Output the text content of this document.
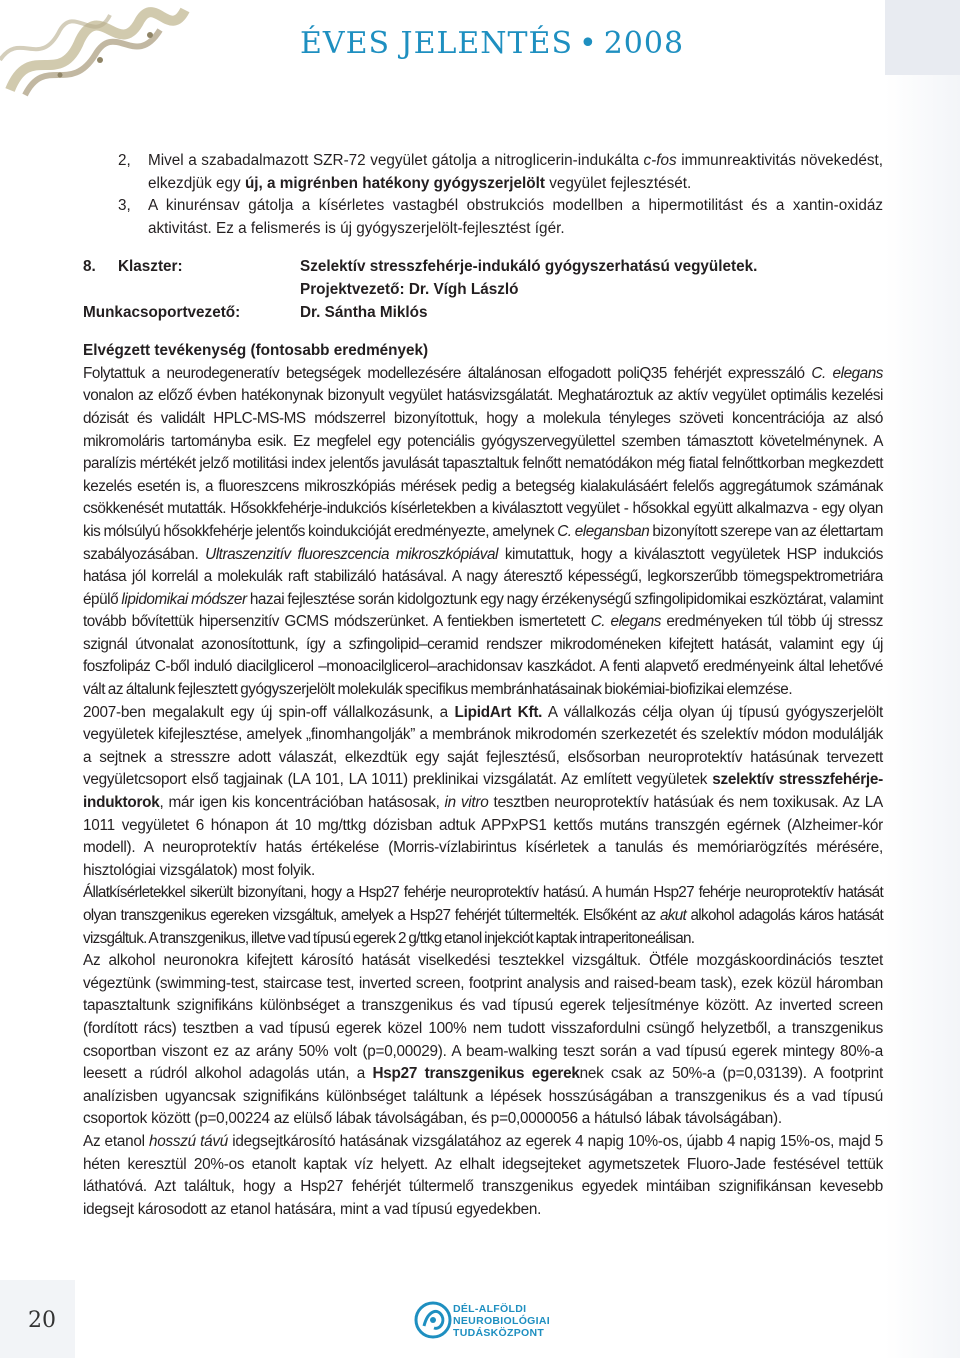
ÉVES JELENTÉS • 2008
2,	Mivel a szabadalmazott SZR-72 vegyület gátolja a nitroglicerin-indukálta c-fos immunreaktivitás növekedést, elkezdjük egy új, a migrénben hatékony gyógyszerjelölt vegyület fejlesztését.
3,	A kinurénsav gátolja a kísérletes vastagbél obstrukciós modellben a hipermotilitást és a xantin-oxidáz aktivitást. Ez a felismerés is új gyógyszerjelölt-fejlesztést ígér.
8. Klaszter:	Szelektív stresszfehérje-indukáló gyógyszerhatású vegyületek.
Projektvezető: Dr. Vígh László
Munkacsoportvezető:	Dr. Sántha Miklós
Elvégzett tevékenység (fontosabb eredmények)

Folytattuk a neurodegeneratív betegségek modellezésére általánosan elfogadott poliQ35 fehérjét expresszáló C. elegans vonalon az előző évben hatékonynak bizonyult vegyület hatásvizsgálatát. Meghatároztuk az aktív vegyület optimális kezelési dózisát és validált HPLC-MS-MS módszerrel bizonyítottuk, hogy a molekula tényleges szöveti koncentrációja az alsó mikromoláris tartományba esik. Ez megfelel egy potenciális gyógyszervegyülettel szemben támasztott követelménynek. A paralízis mértékét jelző motilitási index jelentős javulását tapasztaltuk felnőtt nematódákon még fiatal felnőttkorban megkezdett kezelés esetén is, a fluoreszcens mikroszkópiás mérések pedig a betegség kialakulásáért felelős aggregátumok számának csökkenését mutatták. Hősokkfehérje-indukciós kísérletekben a kiválasztott vegyület - hősokkal együtt alkalmazva - egy olyan kis mólsúlyú hősokkfehérje jelentős koindukcióját eredményezte, amelynek C. elegansban bizonyított szerepe van az élettartam szabályozásában. Ultraszenzitív fluoreszcencia mikroszkópiával kimutattuk, hogy a kiválasztott vegyületek HSP indukciós hatása jól korrelál a molekulák raft stabilizáló hatásával. A nagy áteresztő képességű, legkorszerűbb tömegspektrometriára épülő lipidomikai módszer hazai fejlesztése során kidolgoztunk egy nagy érzékenységű szfingolipidomikai eszköztárat, valamint tovább bővítettük hipersenzitív GCMS módszerünket. A fentiekben ismertetett C. elegans eredményeken túl több új stressz szignál útvonalat azonosítottunk, így a szfingolipid–ceramid rendszer mikrodoméneken kifejtett hatását, valamint egy új foszfolipáz C-ből induló diacilglicerol –monoacilglicerol–arachidonsav kaszkádot. A fenti alapvető eredményeink által lehetővé vált az általunk fejlesztett gyógyszerjelölt molekulák specifikus membránhatásainak biokémiai-biofizikai elemzése.

2007-ben megalakult egy új spin-off vállalkozásunk, a LipidArt Kft. A vállalkozás célja olyan új típusú gyógyszerjelölt vegyületek kifejlesztése, amelyek „finomhangolják” a membránok mikrodomén szerkezetét és szelektív módon modulálják a sejtnek a stresszre adott válaszát, elkezdtük egy saját fejlesztésű, elsősorban neuroprotektív hatásúnak tervezett vegyületcsoport első tagjainak (LA 101, LA 1011) preklinikai vizsgálatát. Az említett vegyületek szelektív stresszfehérje-induktorok, már igen kis koncentrációban hatásosak, in vitro tesztben neuroprotektív hatásúak és nem toxikusak. Az LA 1011 vegyületet 6 hónapon át 10 mg/ttkg dózisban adtuk APPxPS1 kettős mutáns transzgén egérnek (Alzheimer-kór modell). A neuroprotektív hatás értékelése (Morris-vízlabirintus kísérletek a tanulás és memóriarögzítés mérésére, hisztológiai vizsgálatok) most folyik.

Állatkísérletekkel sikerült bizonyítani, hogy a Hsp27 fehérje neuroprotektív hatású. A humán Hsp27 fehérje neuroprotektív hatását olyan transzgenikus egereken vizsgáltuk, amelyek a Hsp27 fehérjét túltermelték. Elsőként az akut alkohol adagolás káros hatását vizsgáltuk. A transzgenikus, illetve vad típusú egerek 2 g/ttkg etanol injekciót kaptak intraperitoneálisan.

Az alkohol neuronokra kifejtett károsító hatását viselkedési tesztekkel vizsgáltuk. Ötféle mozgáskoordinációs tesztet végeztünk (swimming-test, staircase test, inverted screen, footprint analysis and raised-beam task), ezek közül háromban tapasztaltunk szignifikáns különbséget a transzgenikus és vad típusú egerek teljesítménye között. Az inverted screen (fordított rács) tesztben a vad típusú egerek közel 100% nem tudott visszafordulni csüngő helyzetből, a transzgenikus csoportban viszont ez az arány 50% volt (p=0,00029). A beam-walking teszt során a vad típusú egerek mintegy 80%-a leesett a rúdról alkohol adagolás után, a Hsp27 transzgenikus egereknek csak az 50%-a (p=0,03139). A footprint analízisben ugyancsak szignifikáns különbséget találtunk a lépések hosszúságában a transzgenikus és a vad típusú csoportok között (p=0,00224 az elülső lábak távolságában, és p=0,0000056 a hátulsó lábak távolságában).

Az etanol hosszú távú idegsejtkárosító hatásának vizsgálatához az egerek 4 napig 10%-os, újabb 4 napig 15%-os, majd 5 héten keresztül 20%-os etanolt kaptak víz helyett. Az elhalt idegsejteket agymetszetek Fluoro-Jade festésével tettük láthatóvá. Azt találtuk, hogy a Hsp27 fehérjét túltermelő transzgenikus egyedek mintáiban szignifikánsan kevesebb idegsejt károsodott az etanol hatására, mint a vad típusú egyedekben.

20	DÉL-ALFÖLDI
NEUROBIOLÓGIAI
TUDÁSKÖZPONT
